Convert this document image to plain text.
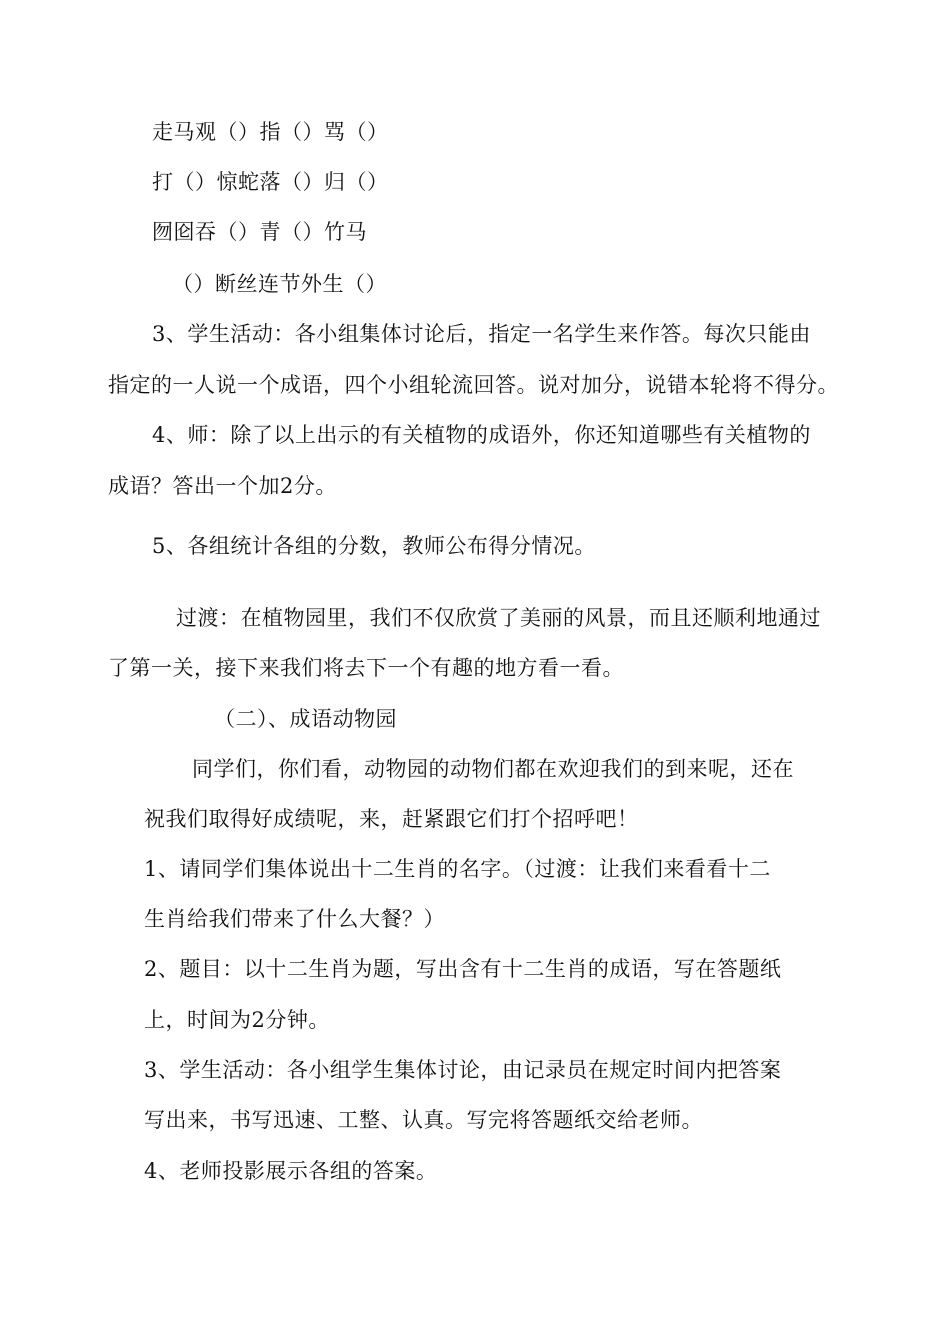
走马观（）指（）骂（）
打（）惊蛇落（）归（）
囫囵吞（）青（）竹马
（）断丝连节外生（）
3、学生活动：各小组集体讨论后，指定一名学生来作答。每次只能由
指定的一人说一个成语，四个小组轮流回答。说对加分，说错本轮将不得分。
4、师：除了以上出示的有关植物的成语外，你还知道哪些有关植物的
成语？答出一个加2分。
5、各组统计各组的分数，教师公布得分情况。
过渡：在植物园里，我们不仅欣赏了美丽的风景，而且还顺利地通过
了第一关，接下来我们将去下一个有趣的地方看一看。
（二）、成语动物园
同学们，你们看，动物园的动物们都在欢迎我们的到来呢，还在
祝我们取得好成绩呢，来，赶紧跟它们打个招呼吧！
1、请同学们集体说出十二生肖的名字。（过渡：让我们来看看十二
生肖给我们带来了什么大餐？）
2、题目：以十二生肖为题，写出含有十二生肖的成语，写在答题纸
上，时间为2分钟。
3、学生活动：各小组学生集体讨论，由记录员在规定时间内把答案
写出来，书写迅速、工整、认真。写完将答题纸交给老师。
4、老师投影展示各组的答案。
